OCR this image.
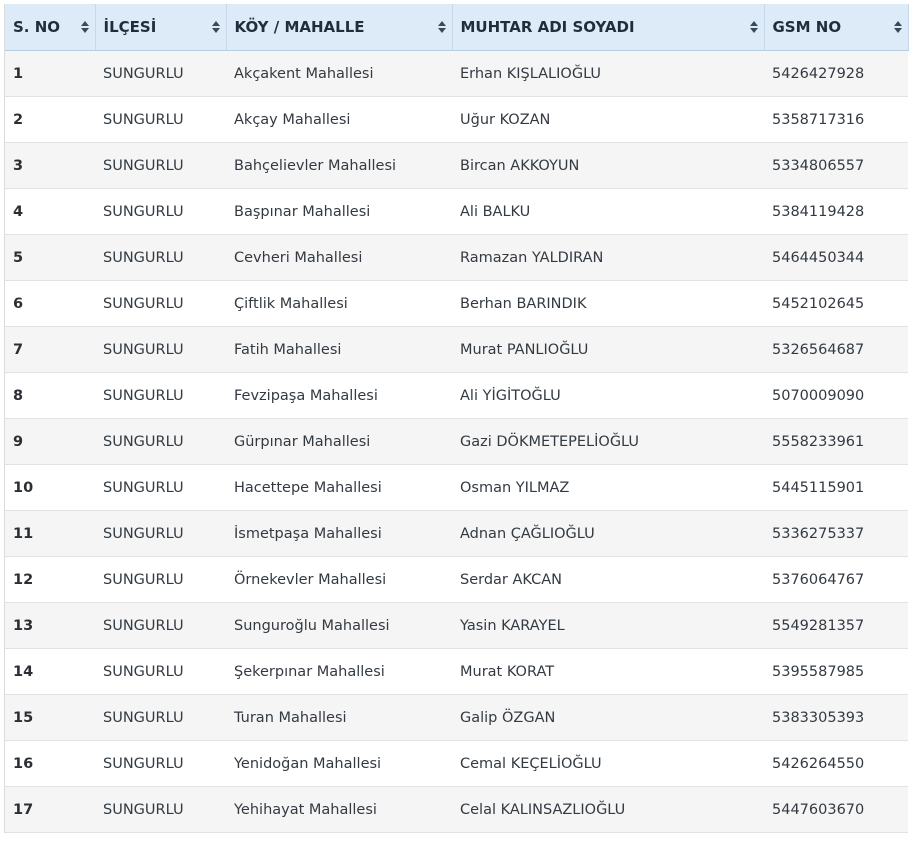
S. NO	İLÇESİ	KÖY / MAHALLE	MUHTAR ADI SOYADI	GSM NO

1	SUNGURLU	Akçakent Mahallesi	Erhan KIŞLALIOĞLU	5426427928
2	SUNGURLU	Akçay Mahallesi	Uğur KOZAN	5358717316
3	SUNGURLU	Bahçelievler Mahallesi	Bircan AKKOYUN	5334806557
4	SUNGURLU	Başpınar Mahallesi	Ali BALKU	5384119428
5	SUNGURLU	Cevheri Mahallesi	Ramazan YALDIRAN	5464450344
6	SUNGURLU	Çiftlik Mahallesi	Berhan BARINDIK	5452102645
7	SUNGURLU	Fatih Mahallesi	Murat PANLIOĞLU	5326564687
8	SUNGURLU	Fevzipaşa Mahallesi	Ali YİGİTOĞLU	5070009090
9	SUNGURLU	Gürpınar Mahallesi	Gazi DÖKMETEPELİOĞLU	5558233961
10	SUNGURLU	Hacettepe Mahallesi	Osman YILMAZ	5445115901
11	SUNGURLU	İsmetpaşa Mahallesi	Adnan ÇAĞLIOĞLU	5336275337
12	SUNGURLU	Örnekevler Mahallesi	Serdar AKCAN	5376064767
13	SUNGURLU	Sunguroğlu Mahallesi	Yasin KARAYEL	5549281357
14	SUNGURLU	Şekerpınar Mahallesi	Murat KORAT	5395587985
15	SUNGURLU	Turan Mahallesi	Galip ÖZGAN	5383305393
16	SUNGURLU	Yenidoğan Mahallesi	Cemal KEÇELİOĞLU	5426264550
17	SUNGURLU	Yehihayat Mahallesi	Celal KALINSAZLIOĞLU	5447603670
